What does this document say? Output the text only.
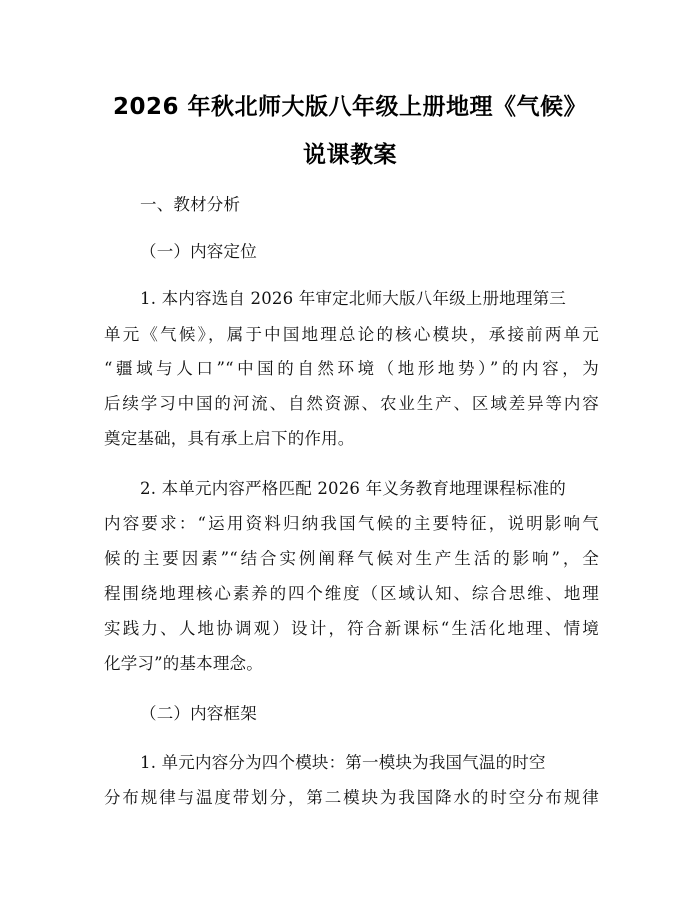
2026 年秋北师大版八年级上册地理《气候》
说课教案
一、教材分析
（一）内容定位
1. 本内容选自 2026 年审定北师大版八年级上册地理第三
单元《气候》，属于中国地理总论的核心模块，承接前两单元
“疆域与人口”“中国的自然环境（地形地势）”的内容，为
后续学习中国的河流、自然资源、农业生产、区域差异等内容
奠定基础，具有承上启下的作用。
2. 本单元内容严格匹配 2026 年义务教育地理课程标准的
内容要求：“运用资料归纳我国气候的主要特征，说明影响气
候的主要因素”“结合实例阐释气候对生产生活的影响”，全
程围绕地理核心素养的四个维度（区域认知、综合思维、地理
实践力、人地协调观）设计，符合新课标“生活化地理、情境
化学习”的基本理念。
（二）内容框架
1. 单元内容分为四个模块：第一模块为我国气温的时空
分布规律与温度带划分，第二模块为我国降水的时空分布规律
